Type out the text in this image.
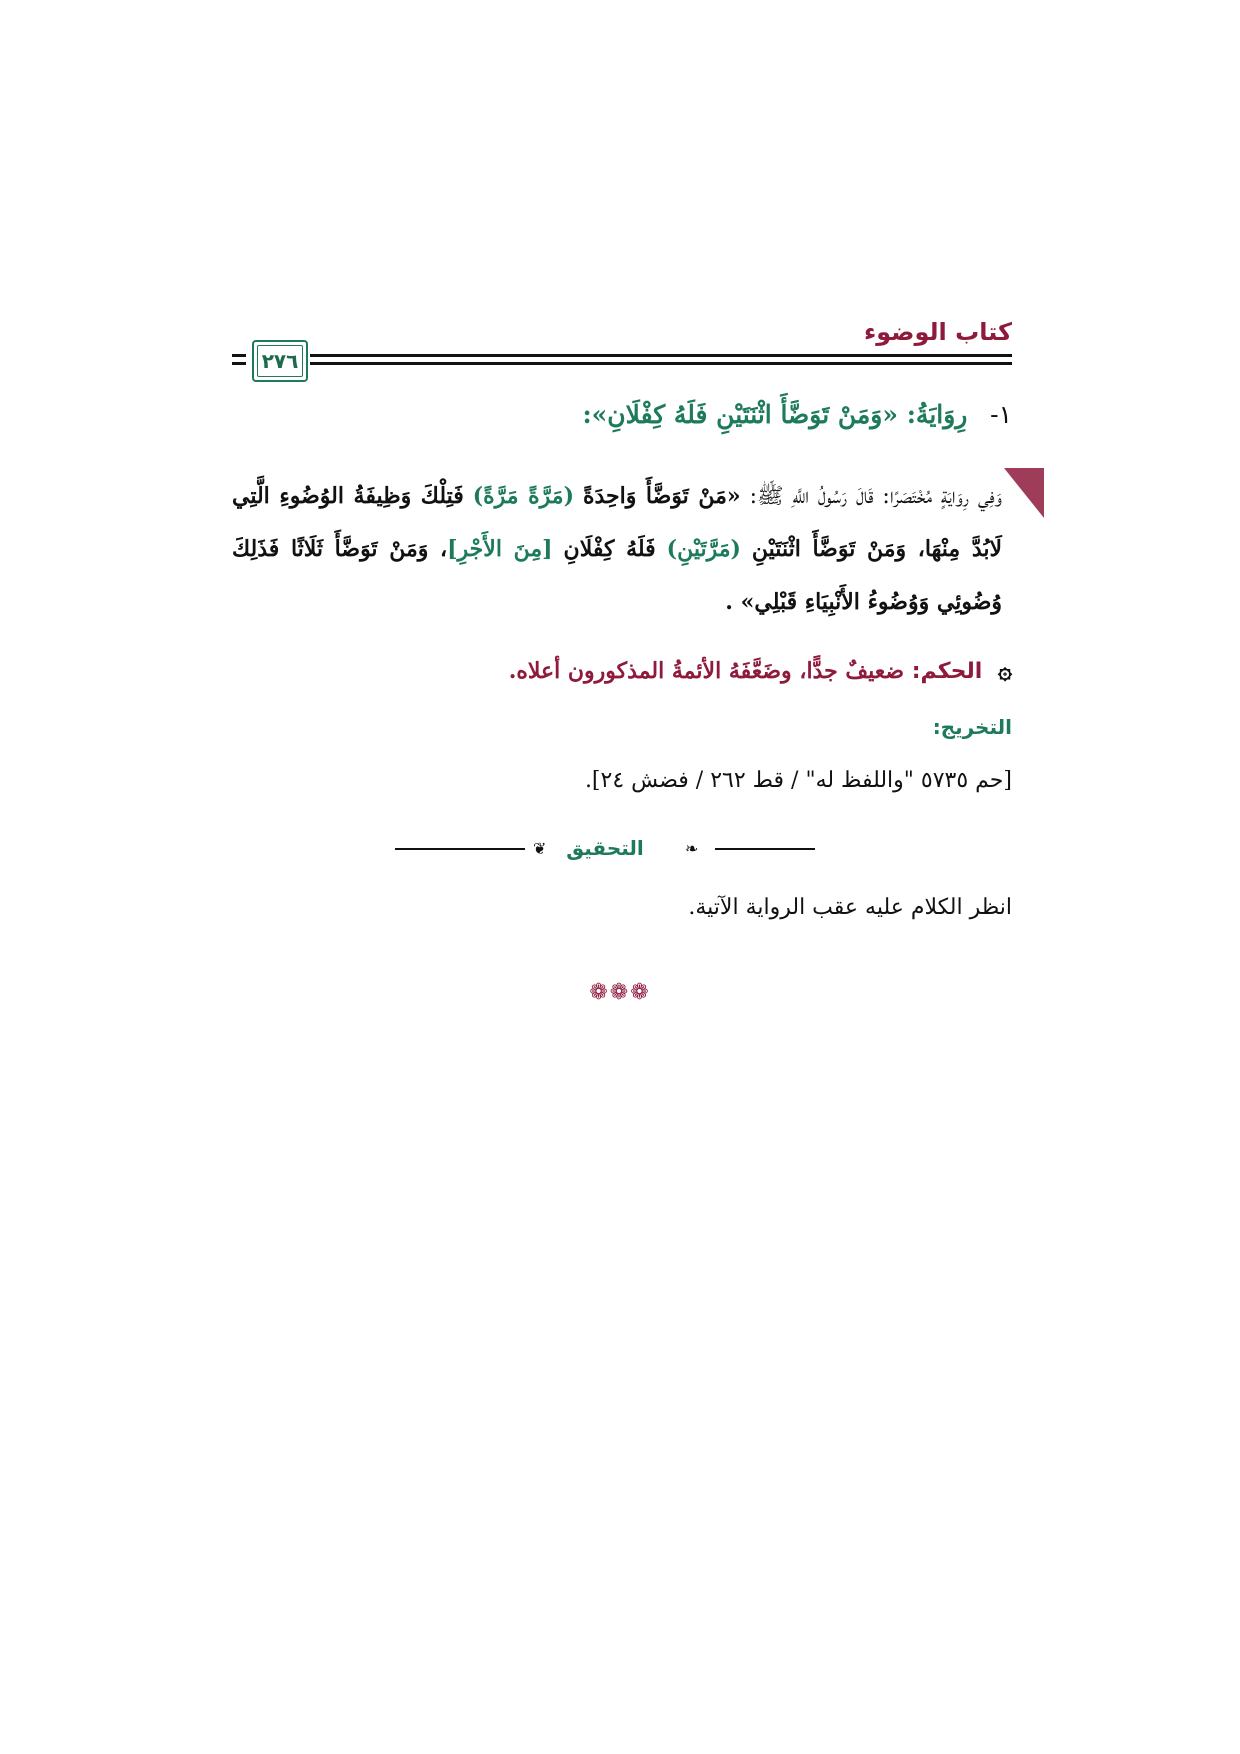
كتاب الوضوء
٢٧٦
١- رِوَايَةُ: «وَمَنْ تَوَضَّأَ اثْنَتَيْنِ فَلَهُ كِفْلَانِ»:
وَفِي رِوَايَةٍ مُخْتَصَرًا: قَالَ رَسُولُ اللَّهِ ﷺ: «مَنْ تَوَضَّأَ وَاحِدَةً (مَرَّةً مَرَّةً) فَتِلْكَ وَظِيفَةُ الوُضُوءِ الَّتِي لَابُدَّ مِنْهَا، وَمَنْ تَوَضَّأَ اثْنَتَيْنِ (مَرَّتَيْنِ) فَلَهُ كِفْلَانِ [مِنَ الأَجْرِ]، وَمَنْ تَوَضَّأَ ثَلَاثًا فَذَلِكَ وُضُوئِي وَوُضُوءُ الأَنْبِيَاءِ قَبْلِي» .
۞ الحكم: ضعيفٌ جدًّا، وضَعَّفَهُ الأئمةُ المذكورون أعلاه.
التخريج:
[حم ٥٧٣٥ "واللفظ له" / قط ٢٦٢ / فضش ٢٤].
❦	❧
التحقيق
انظر الكلام عليه عقب الرواية الآتية.
❁❁❁
